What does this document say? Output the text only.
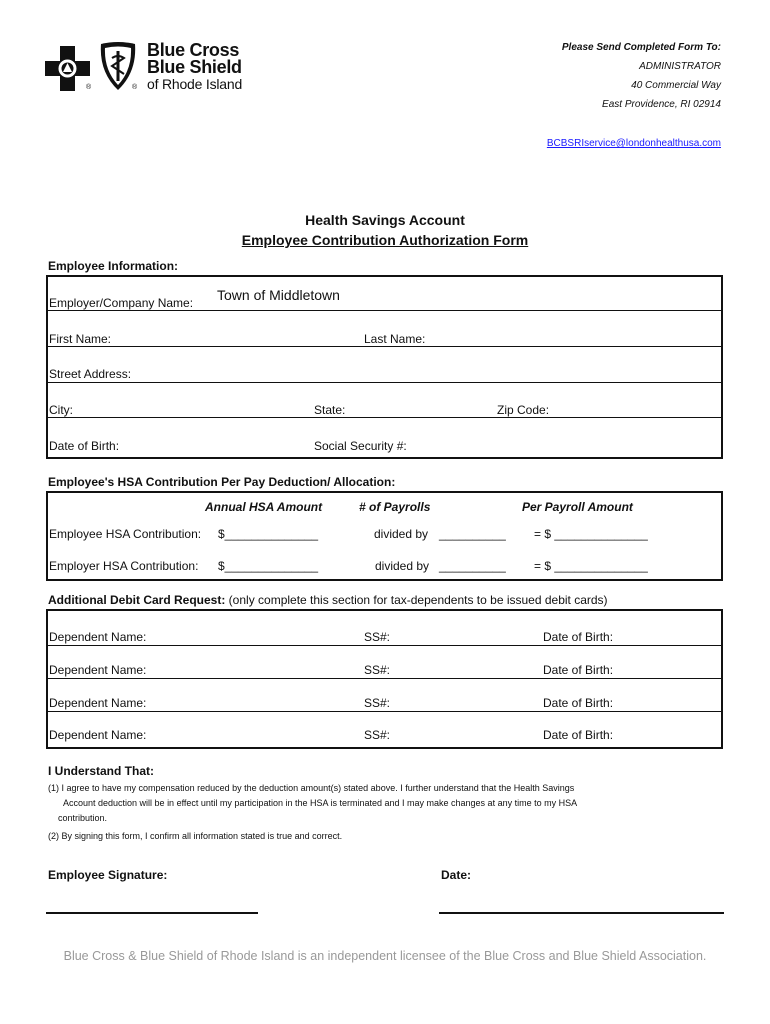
Blue Cross
Blue Shield
of Rhode Island
®	®
Please Send Completed Form To:
ADMINISTRATOR
40 Commercial Way
East Providence, RI 02914
BCBSRIservice@londonhealthusa.com
Health Savings Account
Employee Contribution Authorization Form
Employee Information:
Employer/Company Name: Town of Middletown
First Name:	Last Name:
Street Address:
City:	State:	Zip Code:
Date of Birth:	Social Security #:
Employee's HSA Contribution Per Pay Deduction/ Allocation:
Annual HSA Amount	# of Payrolls	Per Payroll Amount
Employee HSA Contribution: $______________	divided by __________ = $ ______________
Employer HSA Contribution: $______________	divided by __________ = $ ______________
Additional Debit Card Request: (only complete this section for tax-dependents to be issued debit cards)
Dependent Name:	SS#:	Date of Birth:
Dependent Name:	SS#:	Date of Birth:
Dependent Name:	SS#:	Date of Birth:
Dependent Name:	SS#:	Date of Birth:
I Understand That:
(1) I agree to have my compensation reduced by the deduction amount(s) stated above. I further understand that the Health Savings
Account deduction will be in effect until my participation in the HSA is terminated and I may make changes at any time to my HSA
contribution.
(2) By signing this form, I confirm all information stated is true and correct.
Employee Signature:	Date:
Blue Cross & Blue Shield of Rhode Island is an independent licensee of the Blue Cross and Blue Shield Association.
